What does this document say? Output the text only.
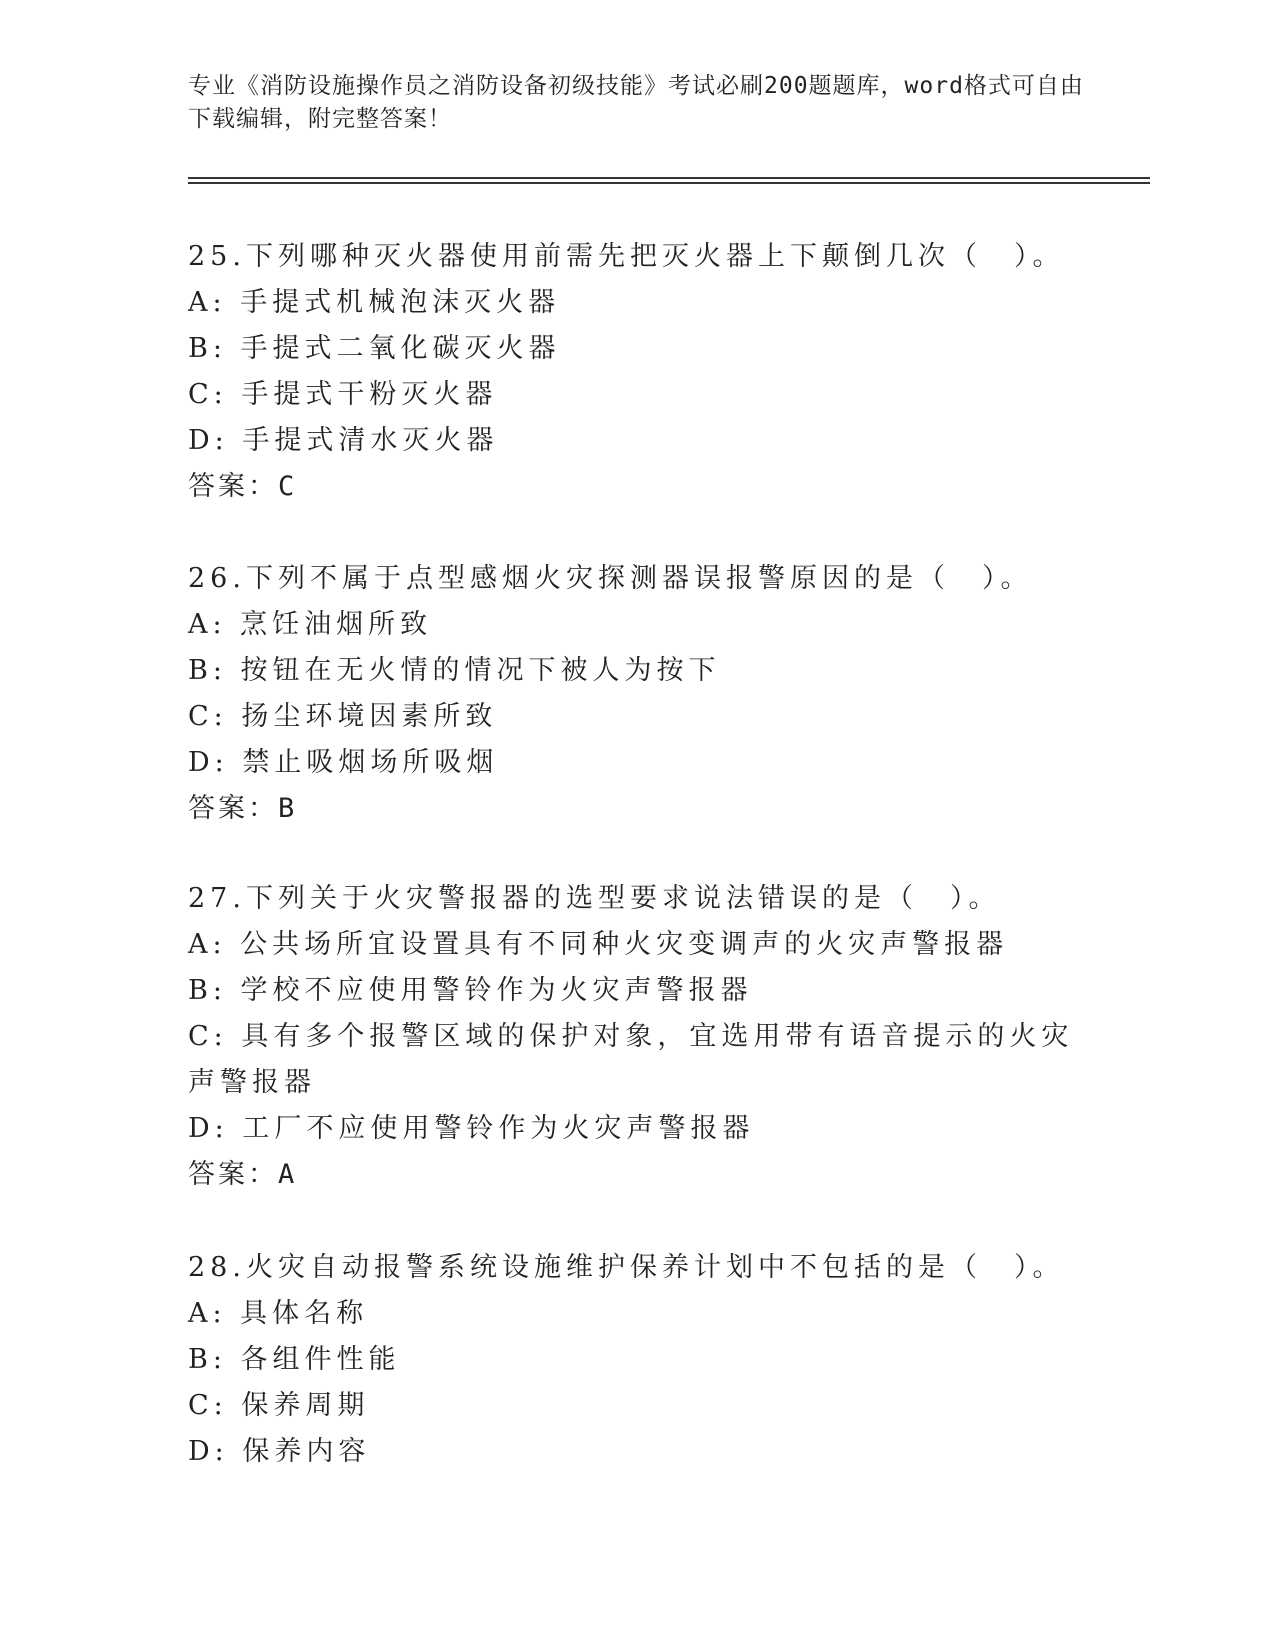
专业《消防设施操作员之消防设备初级技能》考试必刷200题题库，word格式可自由下载编辑，附完整答案！
25.下列哪种灭火器使用前需先把灭火器上下颠倒几次（　）。
A: 手提式机械泡沫灭火器
B: 手提式二氧化碳灭火器
C: 手提式干粉灭火器
D: 手提式清水灭火器
答案：C
26.下列不属于点型感烟火灾探测器误报警原因的是（　）。
A: 烹饪油烟所致
B: 按钮在无火情的情况下被人为按下
C: 扬尘环境因素所致
D: 禁止吸烟场所吸烟
答案：B
27.下列关于火灾警报器的选型要求说法错误的是（　）。
A: 公共场所宜设置具有不同种火灾变调声的火灾声警报器
B: 学校不应使用警铃作为火灾声警报器
C: 具有多个报警区域的保护对象，宜选用带有语音提示的火灾声警报器
D: 工厂不应使用警铃作为火灾声警报器
答案：A
28.火灾自动报警系统设施维护保养计划中不包括的是（　）。
A: 具体名称
B: 各组件性能
C: 保养周期
D: 保养内容
